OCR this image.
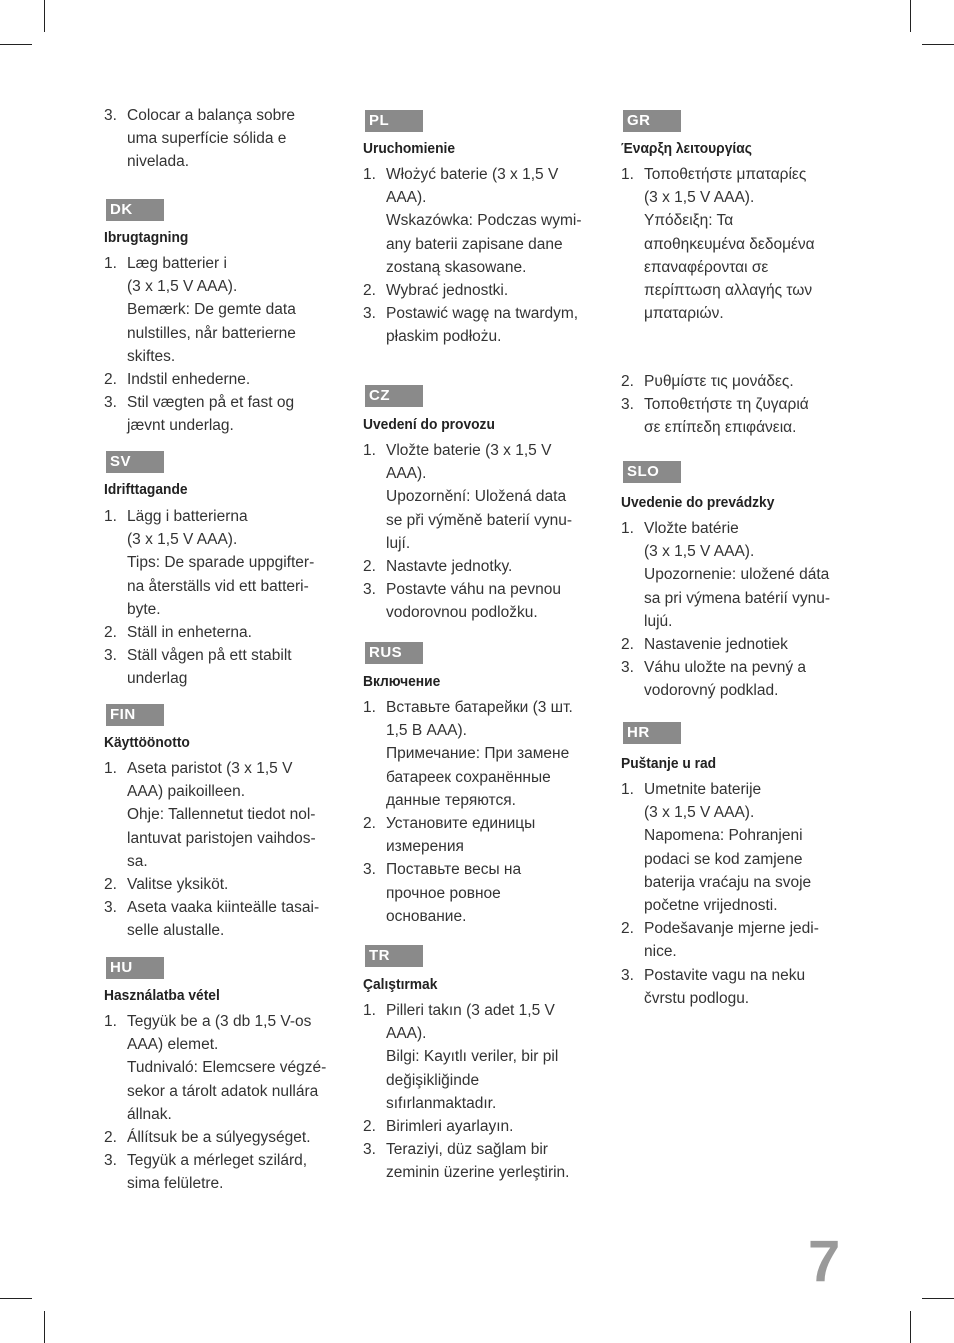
3. Colocar a balança sobre
uma superfície sólida e
nivelada.
DK
Ibrugtagning
1. Læg batterier i
(3 x 1,5 V AAA).
Bemærk: De gemte data
nulstilles, når batterierne
skiftes.
2. Indstil enhederne.
3. Stil vægten på et fast og
jævnt underlag.
SV
Idrifttagande
1. Lägg i batterierna
(3 x 1,5 V AAA).
Tips: De sparade uppgifter-
na återställs vid ett batteri-
byte.
2. Ställ in enheterna.
3. Ställ vågen på ett stabilt
underlag
FIN
Käyttöönotto
1. Aseta paristot (3 x 1,5 V
AAA) paikoilleen.
Ohje: Tallennetut tiedot nol-
lantuvat paristojen vaihdos-
sa.
2. Valitse yksiköt.
3. Aseta vaaka kiinteälle tasai-
selle alustalle.
HU
Használatba vétel
1. Tegyük be a (3 db 1,5 V-os
AAA) elemet.
Tudnivaló: Elemcsere végzé-
sekor a tárolt adatok nullára
állnak.
2. Állítsuk be a súlyegységet.
3. Tegyük a mérleget szilárd,
sima felületre.
PL
Uruchomienie
1. Włożyć baterie (3 x 1,5 V
AAA).
Wskazówka: Podczas wymi-
any baterii zapisane dane
zostaną skasowane.
2. Wybrać jednostki.
3. Postawić wagę na twardym,
płaskim podłożu.
CZ
Uvedení do provozu
1. Vložte baterie (3 x 1,5 V
AAA).
Upozornění: Uložená data
se při výměně baterií vynu-
lují.
2. Nastavte jednotky.
3. Postavte váhu na pevnou
vodorovnou podložku.
RUS
Включение
1. Вставьте батарейки (3 шт.
1,5 В AAA).
Примечание: При замене
батареек сохранённые
данные теряются.
2. Установите единицы
измерения
3. Поставьте весы на
прочное ровное
основание.
TR
Çalıştırmak
1. Pilleri takın (3 adet 1,5 V
AAA).
Bilgi: Kayıtlı veriler, bir pil
değişikliğinde
sıfırlanmaktadır.
2. Birimleri ayarlayın.
3. Teraziyi, düz sağlam bir
zeminin üzerine yerleştirin.
GR
Έναρξη λειτουργίας
1. Τοποθετήστε μπαταρίες
(3 x 1,5 V AAA).
Υπόδειξη: Τα
αποθηκευμένα δεδομένα
επαναφέρονται σε
περίπτωση αλλαγής των
μπαταριών.
2. Ρυθμίστε τις μονάδες.
3. Τοποθετήστε τη ζυγαριά
σε επίπεδη επιφάνεια.
SLO
Uvedenie do prevádzky
1. Vložte batérie
(3 x 1,5 V AAA).
Upozornenie: uložené dáta
sa pri výmena batérií vynu-
lujú.
2. Nastavenie jednotiek
3. Váhu uložte na pevný a
vodorovný podklad.
HR
Puštanje u rad
1. Umetnite baterije
(3 x 1,5 V AAA).
Napomena: Pohranjeni
podaci se kod zamjene
baterija vraćaju na svoje
početne vrijednosti.
2. Podešavanje mjerne jedi-
nice.
3. Postavite vagu na neku
čvrstu podlogu.
7
